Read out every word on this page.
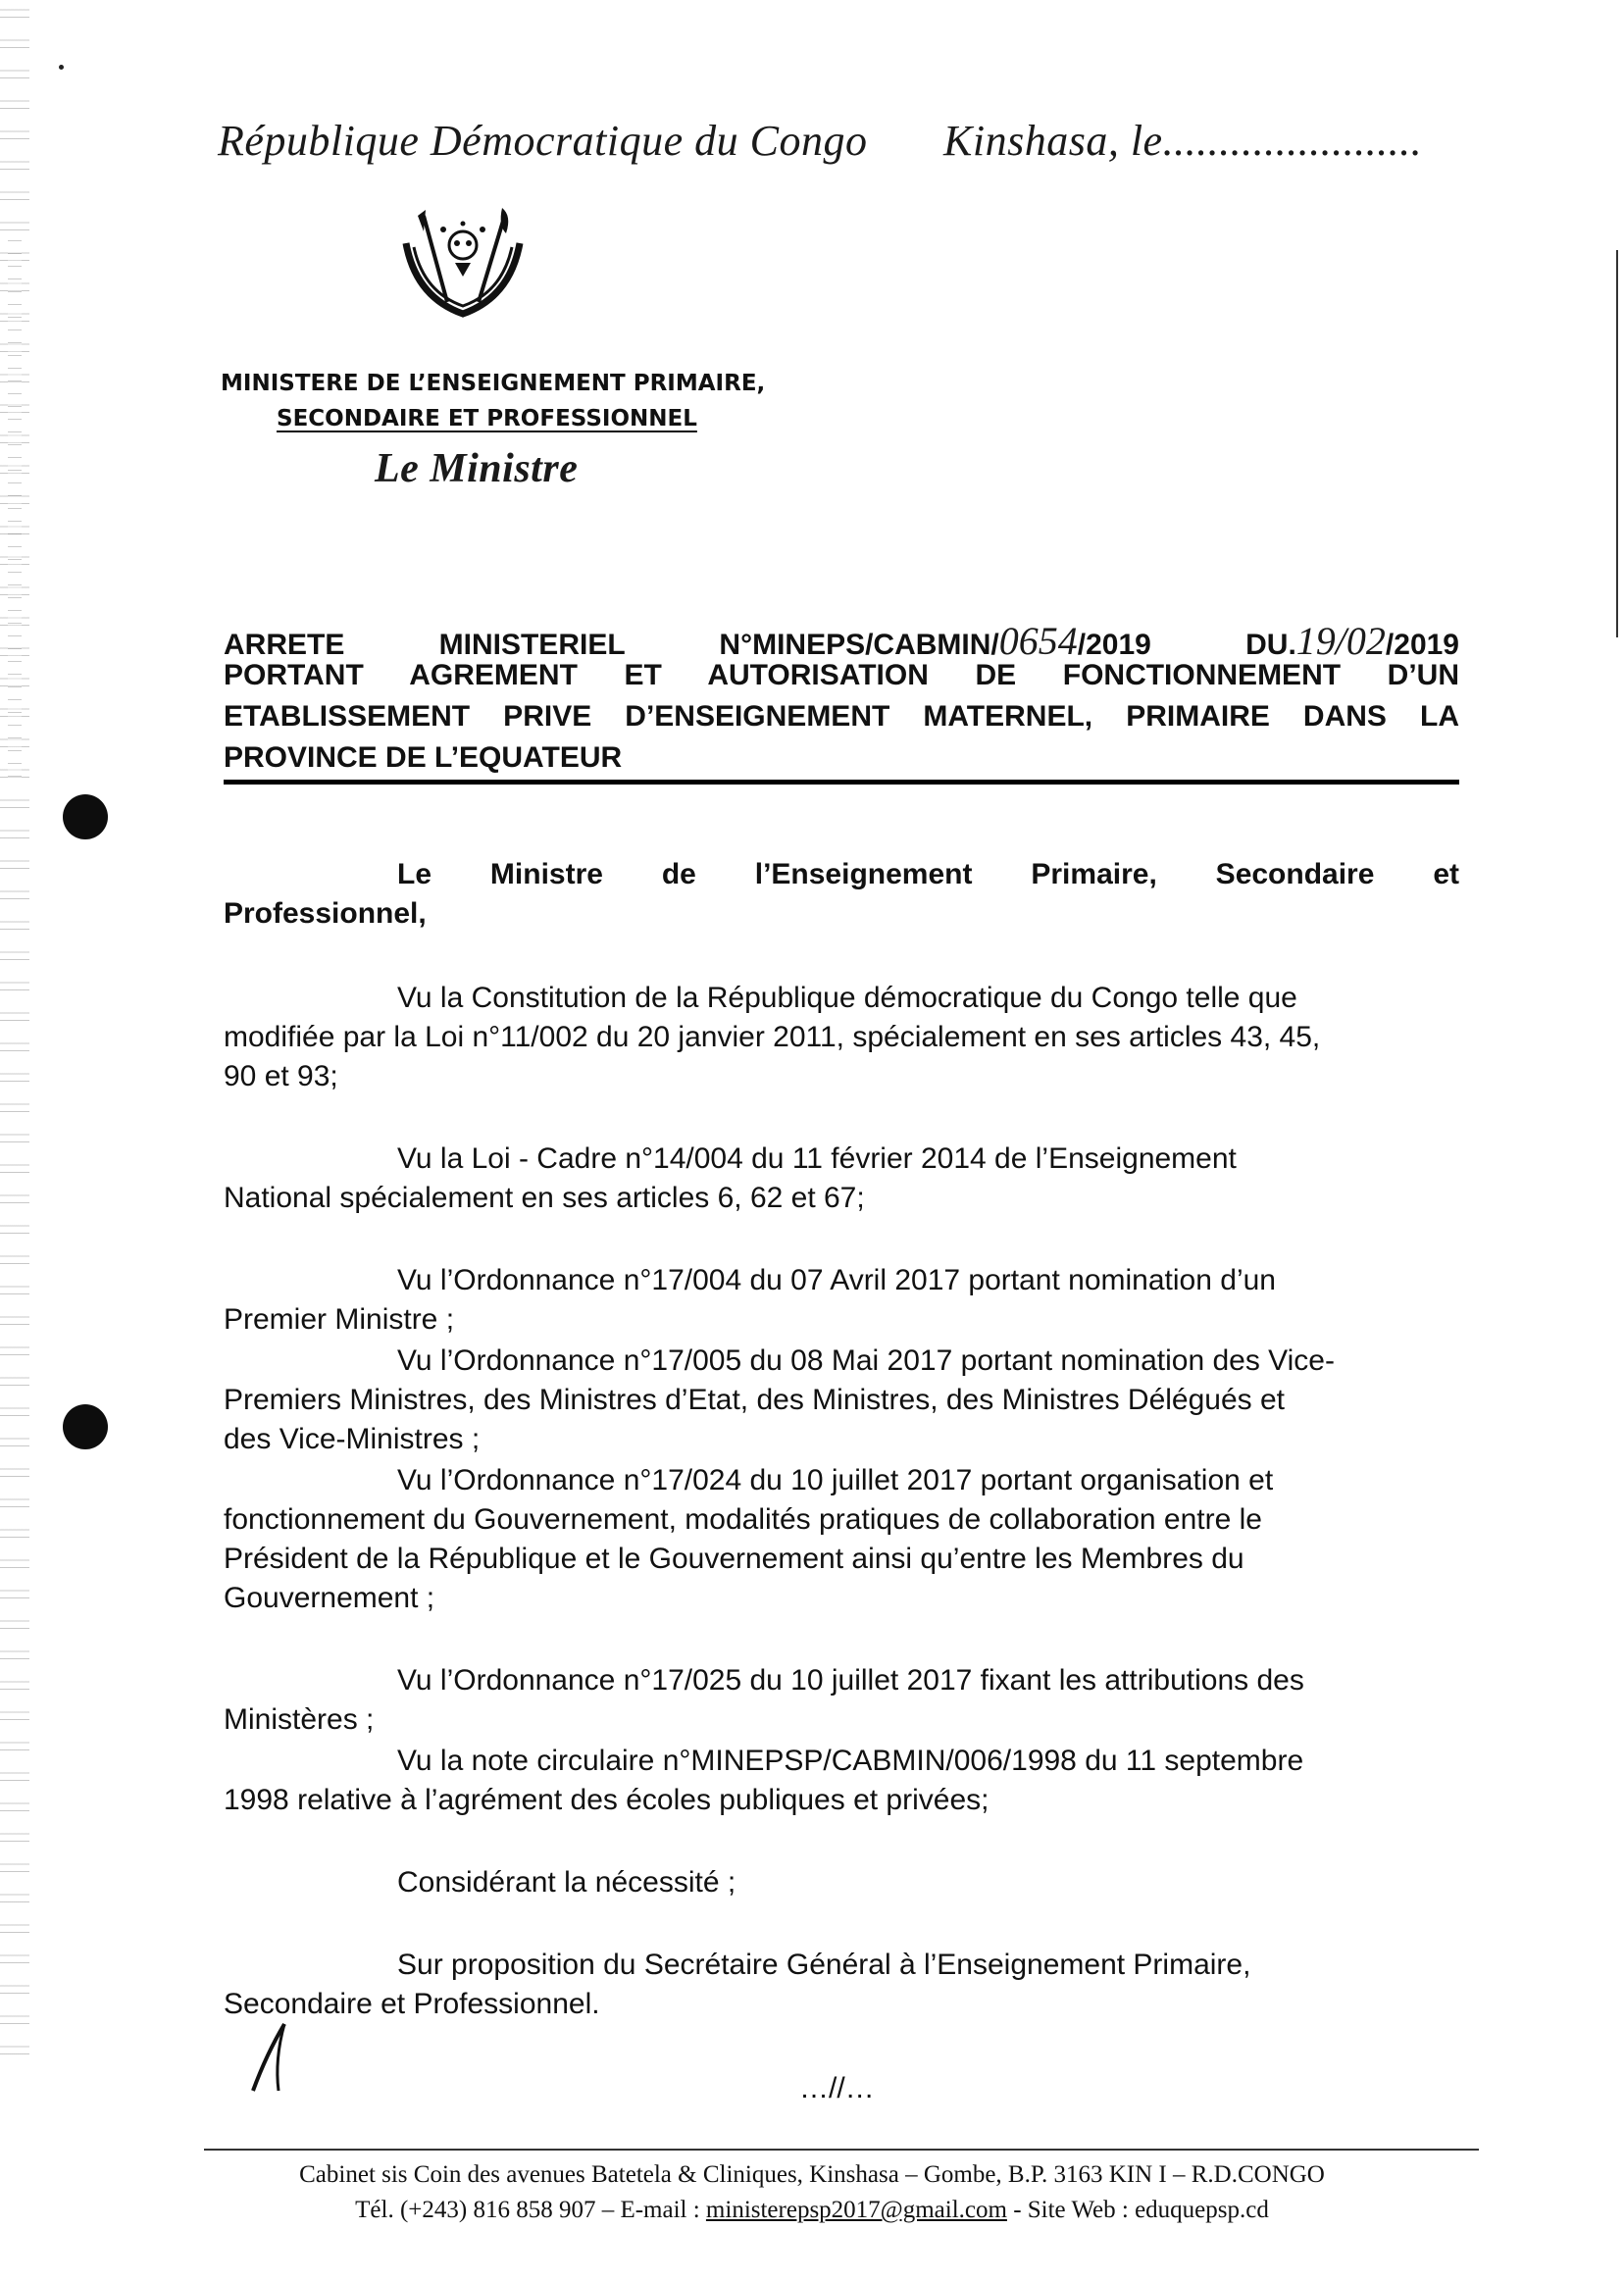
République Démocratique du Congo Kinshasa, le.......................
MINISTERE DE L’ENSEIGNEMENT PRIMAIRE,
SECONDAIRE ET PROFESSIONNEL
Le Ministre
ARRETE MINISTERIEL N°MINEPS/CABMIN/0654/2019 DU.19/02/2019
PORTANT AGREMENT ET AUTORISATION DE FONCTIONNEMENT D’UN
ETABLISSEMENT PRIVE D’ENSEIGNEMENT MATERNEL, PRIMAIRE DANS LA
PROVINCE DE L’EQUATEUR
Le Ministre de l’Enseignement Primaire, Secondaire et
Professionnel,
Vu la Constitution de la République démocratique du Congo telle que
modifiée par la Loi n°11/002 du 20 janvier 2011, spécialement en ses articles 43, 45,
90 et 93;
Vu la Loi - Cadre n°14/004 du 11 février 2014 de l’Enseignement
National spécialement en ses articles 6, 62 et 67;
Vu l’Ordonnance n°17/004 du 07 Avril 2017 portant nomination d’un
Premier Ministre ;
Vu l’Ordonnance n°17/005 du 08 Mai 2017 portant nomination des Vice-
Premiers Ministres, des Ministres d’Etat, des Ministres, des Ministres Délégués et
des Vice-Ministres ;
Vu l’Ordonnance n°17/024 du 10 juillet 2017 portant organisation et
fonctionnement du Gouvernement, modalités pratiques de collaboration entre le
Président de la République et le Gouvernement ainsi qu’entre les Membres du
Gouvernement ;
Vu l’Ordonnance n°17/025 du 10 juillet 2017 fixant les attributions des
Ministères ;
Vu la note circulaire n°MINEPSP/CABMIN/006/1998 du 11 septembre
1998 relative à l’agrément des écoles publiques et privées;
Considérant la nécessité ;
Sur proposition du Secrétaire Général à l’Enseignement Primaire,
Secondaire et Professionnel.
…//…
Cabinet sis Coin des avenues Batetela & Cliniques, Kinshasa – Gombe, B.P. 3163 KIN I – R.D.CONGO
Tél. (+243) 816 858 907 – E-mail : ministerepsp2017@gmail.com - Site Web : eduquepsp.cd
